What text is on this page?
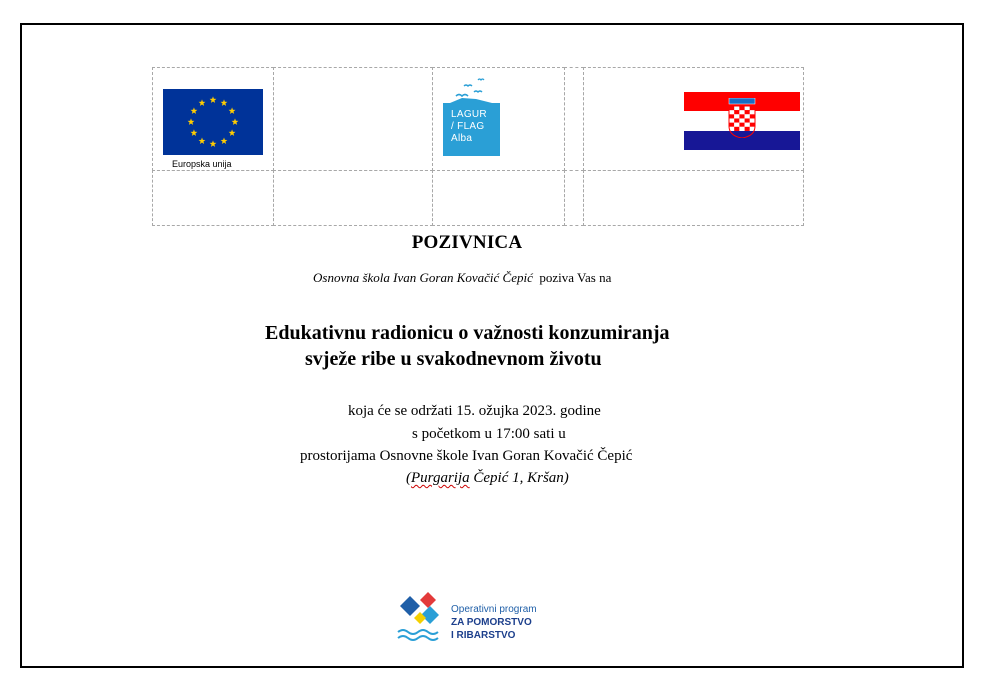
Europska unija
LAGUR
/ FLAG
Alba
POZIVNICA
Osnovna škola Ivan Goran Kovačić Čepić poziva Vas na
Edukativnu radionicu o važnosti konzumiranja
svježe ribe u svakodnevnom životu
koja će se održati 15. ožujka 2023. godine
s početkom u 17:00 sati u
prostorijama Osnovne škole Ivan Goran Kovačić Čepić
(Purgarija Čepić 1, Kršan)
Operativni program
ZA POMORSTVO
I RIBARSTVO
